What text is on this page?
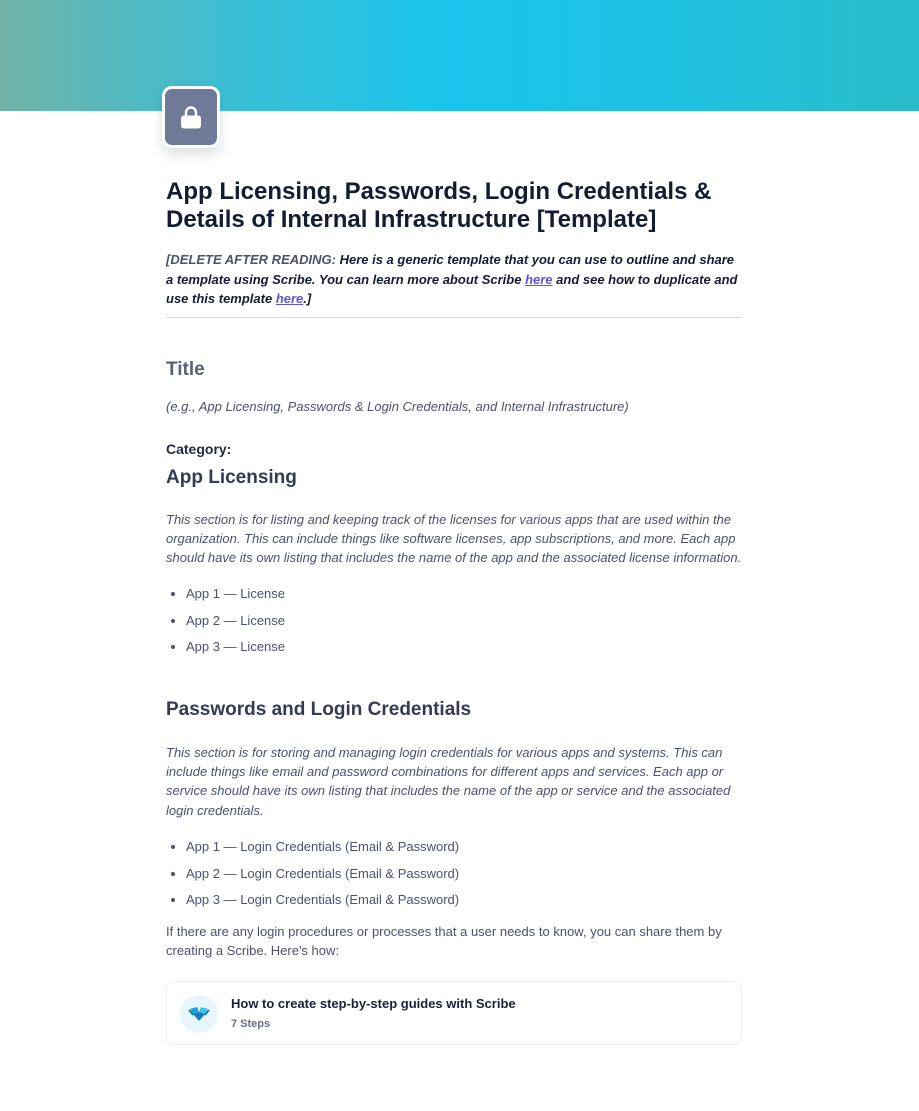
App Licensing, Passwords, Login Credentials & Details of Internal Infrastructure [Template]
[DELETE AFTER READING: Here is a generic template that you can use to outline and share a template using Scribe. You can learn more about Scribe here and see how to duplicate and use this template here.]
Title
(e.g., App Licensing, Passwords & Login Credentials, and Internal Infrastructure)
Category:
App Licensing

This section is for listing and keeping track of the licenses for various apps that are used within the organization. This can include things like software licenses, app subscriptions, and more. Each app should have its own listing that includes the name of the app and the associated license information.

• App 1 — License
• App 2 — License
• App 3 — License
Passwords and Login Credentials

This section is for storing and managing login credentials for various apps and systems. This can include things like email and password combinations for different apps and services. Each app or service should have its own listing that includes the name of the app or service and the associated login credentials.

• App 1 — Login Credentials (Email & Password)
• App 2 — Login Credentials (Email & Password)
• App 3 — Login Credentials (Email & Password)

If there are any login procedures or processes that a user needs to know, you can share them by creating a Scribe. Here's how:

How to create step-by-step guides with Scribe
7 Steps
